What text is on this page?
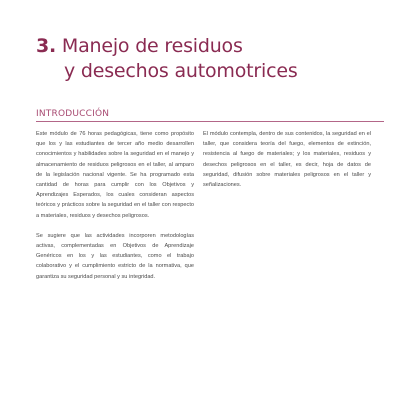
3. Manejo de residuos
y desechos automotrices
INTRODUCCIÓN

Este módulo de 76 horas pedagógicas, tiene como propósito que los y las estudiantes de tercer año medio desarrollen conocimientos y habilidades sobre la seguridad en el manejo y almacenamiento de residuos peligrosos en el taller, al amparo de la legislación nacional vigente. Se ha programado esta cantidad de horas para cumplir con los Objetivos y Aprendizajes Esperados, los cuales consideran aspectos teóricos y prácticos sobre la seguridad en el taller con respecto a materiales, residuos y desechos peligrosos.

Se sugiere que las actividades incorporen metodologías activas, complementadas en Objetivos de Aprendizaje Genéricos en los y las estudiantes, como el trabajo colaborativo y el cumplimiento estricto de la normativa, que garantiza su seguridad personal y su integridad.

El módulo contempla, dentro de sus contenidos, la seguridad en el taller, que considera teoría del fuego, elementos de extinción, resistencia al fuego de materiales; y los materiales, residuos y desechos peligrosos en el taller, es decir, hoja de datos de seguridad, difusión sobre materiales peligrosos en el taller y señalizaciones.
